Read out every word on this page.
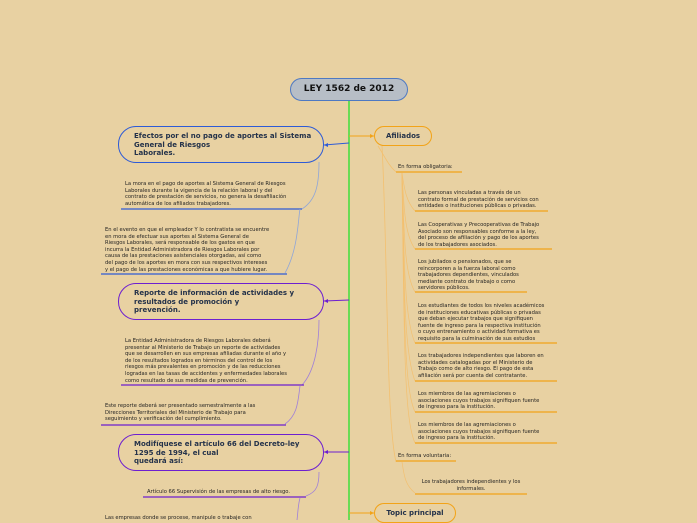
LEY 1562 de 2012
Efectos por el no pago de aportes al Sistema
General de Riesgos
Laborales.
La mora en el pago de aportes al Sistema General de Riesgos
Laborales durante la vigencia de la relación laboral y del
contrato de prestación de servicios, no genera la desafiliación
automática de los afiliados trabajadores.
En el evento en que el empleador Y lo contratista se encuentre
en mora de efectuar sus aportes al Sistema General de
Riesgos Laborales, será responsable de los gastos en que
incurra la Entidad Administradora de Riesgos Laborales por
causa de las prestaciones asistenciales otorgadas, así como
del pago de los aportes en mora con sus respectivos intereses
y el pago de las prestaciones económicas a que hubiere lugar.
Reporte de información de actividades y
resultados de promoción y
prevención.
La Entidad Administradora de Riesgos Laborales deberá
presentar al Ministerio de Trabajo un reporte de actividades
que se desarrollen en sus empresas afiliadas durante el año y
de los resultados logrados en términos del control de los
riesgos más prevalentes en promoción y de las reducciones
logradas en las tasas de accidentes y enfermedades laborales
como resultado de sus medidas de prevención.
Este reporte deberá ser presentado semestralmente a las
Direcciones Territoriales del Ministerio de Trabajo para
seguimiento y verificación del cumplimiento.
Modifíquese el artículo 66 del Decreto-ley
1295 de 1994, el cual
quedará así:
Artículo 66 Supervisión de las empresas de alto riesgo.
Las empresas donde se procese, manipule o trabaje con
Afiliados
En forma obligatoria:
Las personas vinculadas a través de un
contrato formal de prestación de servicios con
entidades o instituciones públicas o privadas.
Las Cooperativas y Precooperativas de Trabajo
Asociado son responsables conforme a la ley,
del proceso de afiliación y pago de los aportes
de los trabajadores asociados.
Los jubilados o pensionados, que se
reincorporen a la fuerza laboral como
trabajadores dependientes, vinculados
mediante contrato de trabajo o como
servidores públicos.
Los estudiantes de todos los niveles académicos
de instituciones educativas públicas o privadas
que deban ejecutar trabajos que signifiquen
fuente de ingreso para la respectiva institución
o cuyo entrenamiento o actividad formativa es
requisito para la culminación de sus estudios
Los trabajadores independientes que laboren en
actividades catalogadas por el Ministerio de
Trabajo como de alto riesgo. El pago de esta
afiliación será por cuenta del contratante.
Los miembros de las agremiaciones o
asociaciones cuyos trabajos signifiquen fuente
de ingreso para la institución.
Los miembros de las agremiaciones o
asociaciones cuyos trabajos signifiquen fuente
de ingreso para la institución.
En forma voluntaria:
Los trabajadores independientes y los
informales.
Topic principal
